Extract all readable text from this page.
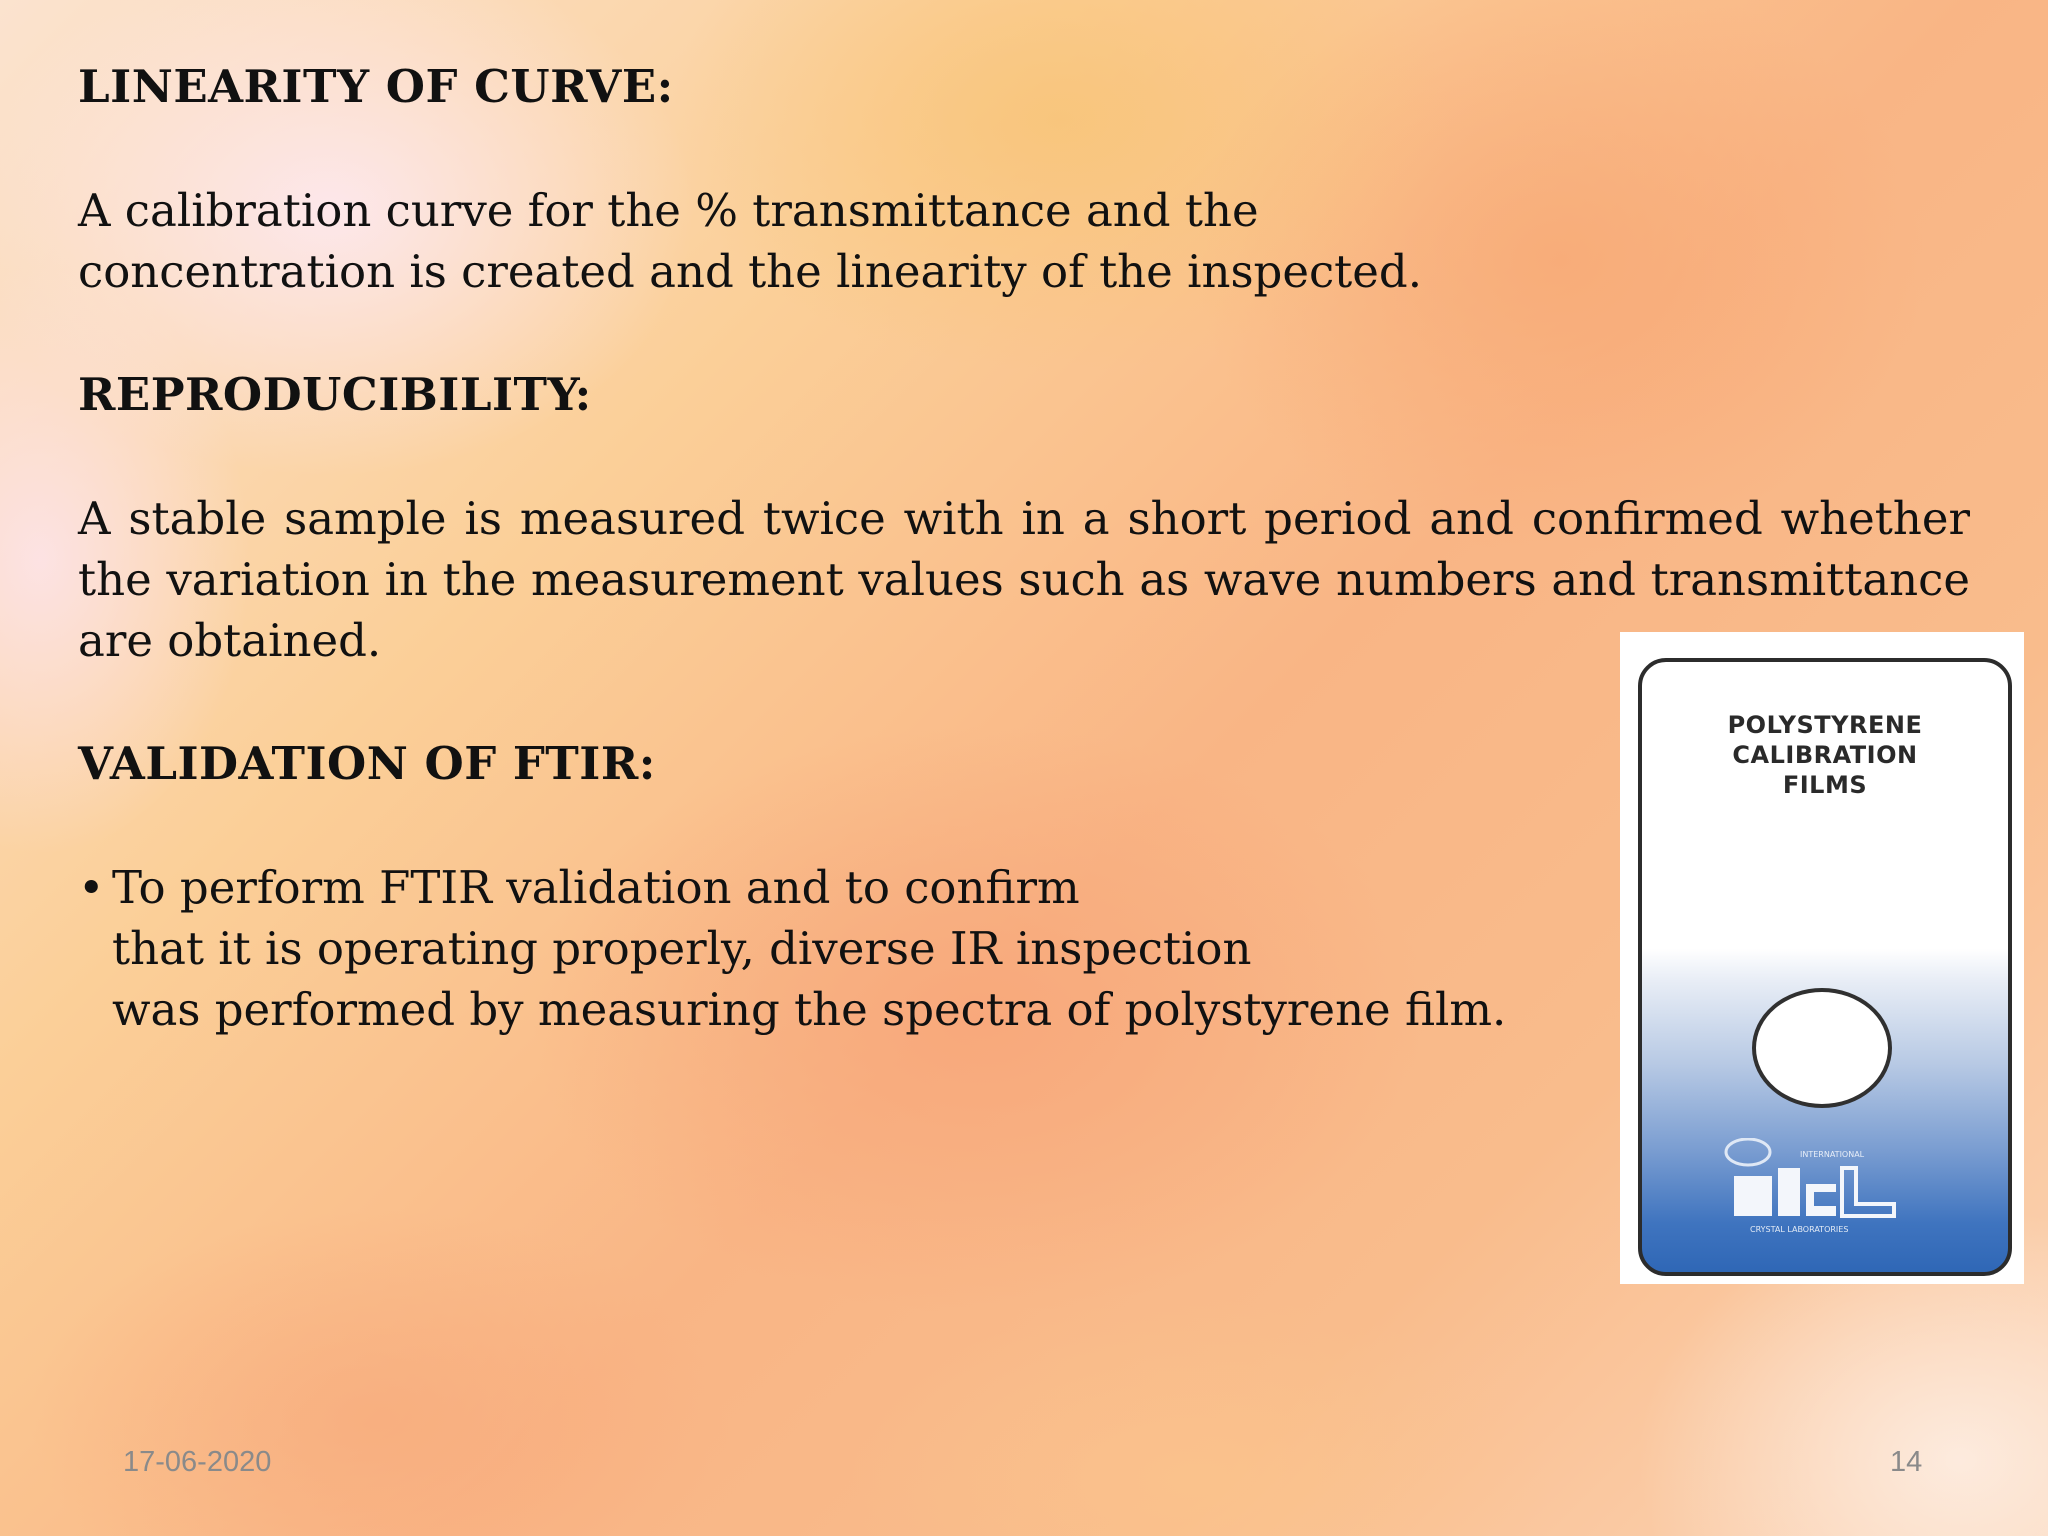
LINEARITY OF CURVE:

A calibration curve for the % transmittance and the

concentration is created and the linearity of the inspected.

REPRODUCIBILITY:

A stable sample is measured twice with in a short period and confirmed whether the variation in the measurement values such as wave numbers and transmittance are obtained.

VALIDATION OF FTIR:

• To perform FTIR validation and to confirm
that it is operating properly, diverse IR inspection
was performed by measuring the spectra of polystyrene film.
POLYSTYRENE
CALIBRATION
FILMS
INTERNATIONAL
CRYSTAL LABORATORIES
17-06-2020	14
